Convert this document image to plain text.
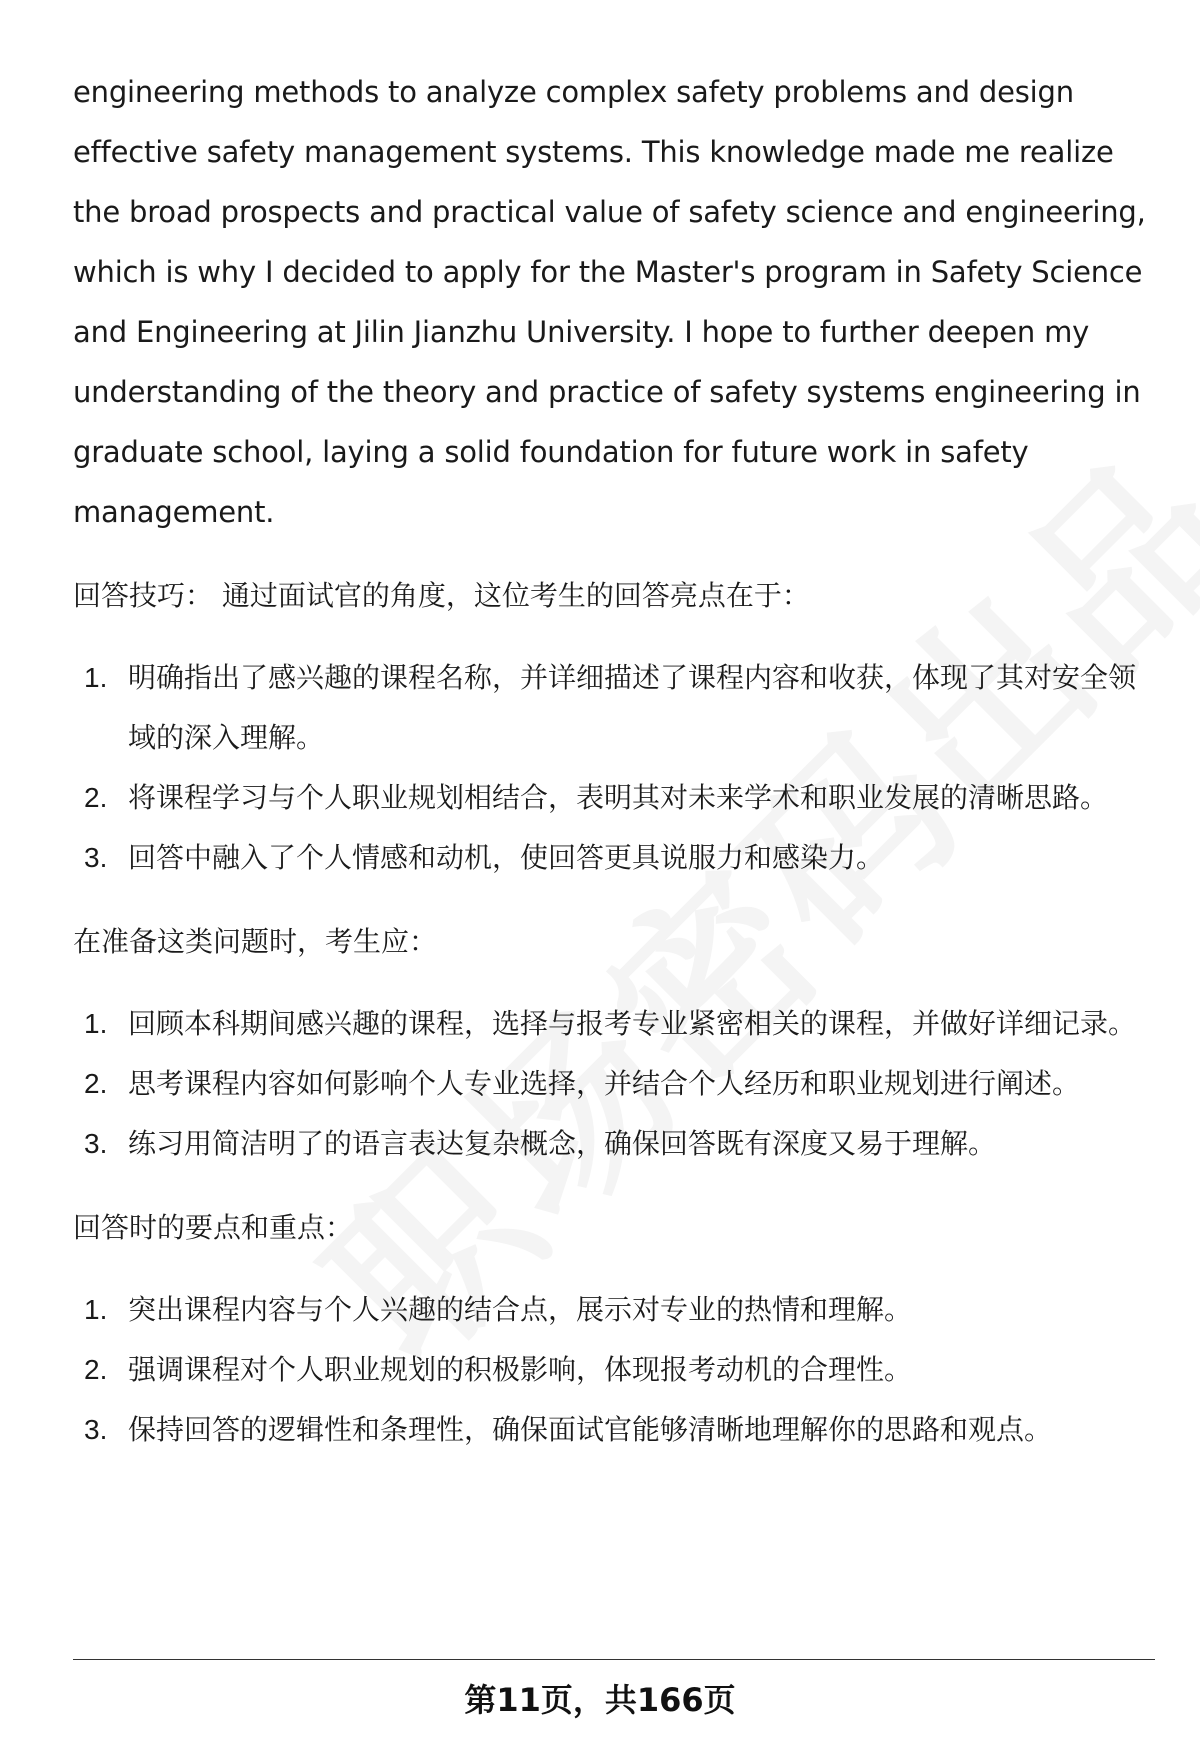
engineering methods to analyze complex safety problems and design effective safety management systems. This knowledge made me realize the broad prospects and practical value of safety science and engineering, which is why I decided to apply for the Master's program in Safety Science and Engineering at Jilin Jianzhu University. I hope to further deepen my understanding of the theory and practice of safety systems engineering in graduate school, laying a solid foundation for future work in safety management.

回答技巧： 通过面试官的角度，这位考生的回答亮点在于：

1. 明确指出了感兴趣的课程名称，并详细描述了课程内容和收获，体现了其对安全领域的深入理解。
2. 将课程学习与个人职业规划相结合，表明其对未来学术和职业发展的清晰思路。
3. 回答中融入了个人情感和动机，使回答更具说服力和感染力。

在准备这类问题时，考生应：

1. 回顾本科期间感兴趣的课程，选择与报考专业紧密相关的课程，并做好详细记录。
2. 思考课程内容如何影响个人专业选择，并结合个人经历和职业规划进行阐述。
3. 练习用简洁明了的语言表达复杂概念，确保回答既有深度又易于理解。

回答时的要点和重点：

1. 突出课程内容与个人兴趣的结合点，展示对专业的热情和理解。
2. 强调课程对个人职业规划的积极影响，体现报考动机的合理性。
3. 保持回答的逻辑性和条理性，确保面试官能够清晰地理解你的思路和观点。
第11页，共166页
